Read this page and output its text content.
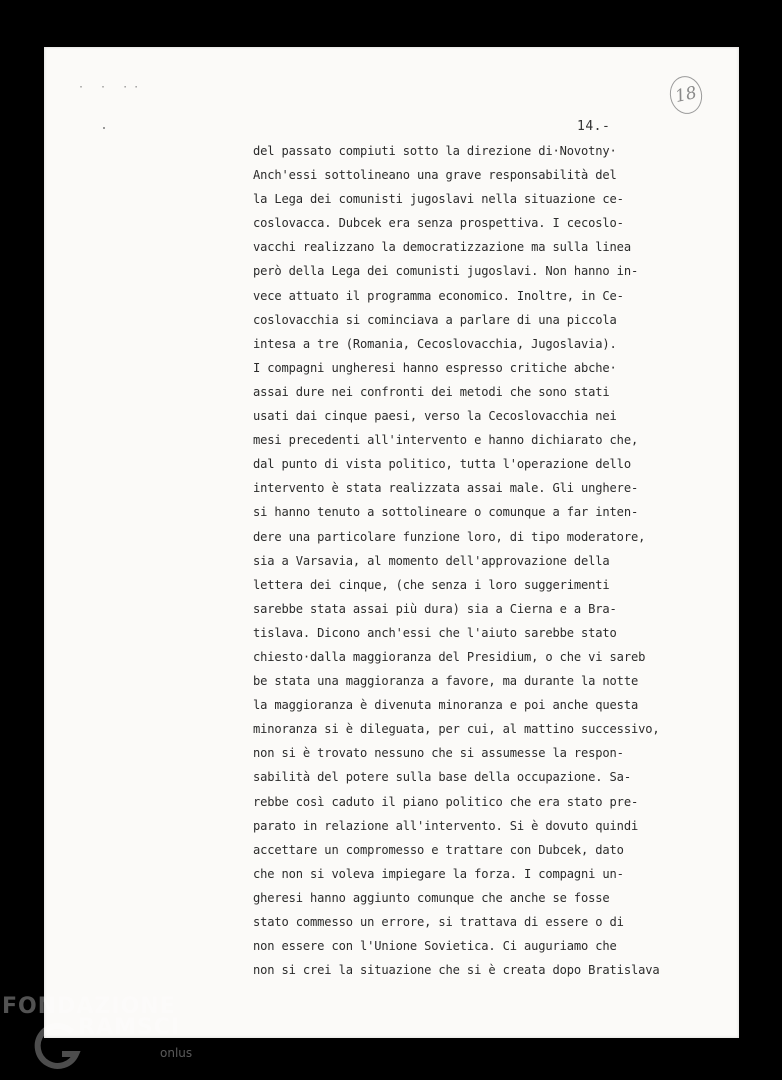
· · ··
14.-
18
del passato compiuti sotto la direzione di·Novotny·
Anch'essi sottolineano una grave responsabilità del
la Lega dei comunisti jugoslavi nella situazione ce-
coslovacca. Dubcek era senza prospettiva. I cecoslo-
vacchi realizzano la democratizzazione ma sulla linea
però della Lega dei comunisti jugoslavi. Non hanno in-
vece attuato il programma economico. Inoltre, in Ce-
coslovacchia si cominciava a parlare di una piccola
intesa a tre (Romania, Cecoslovacchia, Jugoslavia).
I compagni ungheresi hanno espresso critiche abche·
assai dure nei confronti dei metodi che sono stati
usati dai cinque paesi, verso la Cecoslovacchia nei
mesi precedenti all'intervento e hanno dichiarato che,
dal punto di vista politico, tutta l'operazione dello
intervento è stata realizzata assai male. Gli unghere-
si hanno tenuto a sottolineare o comunque a far inten-
dere una particolare funzione loro, di tipo moderatore,
sia a Varsavia, al momento dell'approvazione della
lettera dei cinque, (che senza i loro suggerimenti
sarebbe stata assai più dura) sia a Cierna e a Bra-
tislava. Dicono anch'essi che l'aiuto sarebbe stato
chiesto·dalla maggioranza del Presidium, o che vi sareb
be stata una maggioranza a favore, ma durante la notte
la maggioranza è divenuta minoranza e poi anche questa
minoranza si è dileguata, per cui, al mattino successivo,
non si è trovato nessuno che si assumesse la respon-
sabilità del potere sulla base della occupazione. Sa-
rebbe così caduto il piano politico che era stato pre-
parato in relazione all'intervento. Si è dovuto quindi
accettare un compromesso e trattare con Dubcek, dato
che non si voleva impiegare la forza. I compagni un-
gheresi hanno aggiunto comunque che anche se fosse
stato commesso un errore, si trattava di essere o di
non essere con l'Unione Sovietica. Ci auguriamo che
non si crei la situazione che si è creata dopo Bratislava
FONDAZIONE
RAMSCI
onlus
